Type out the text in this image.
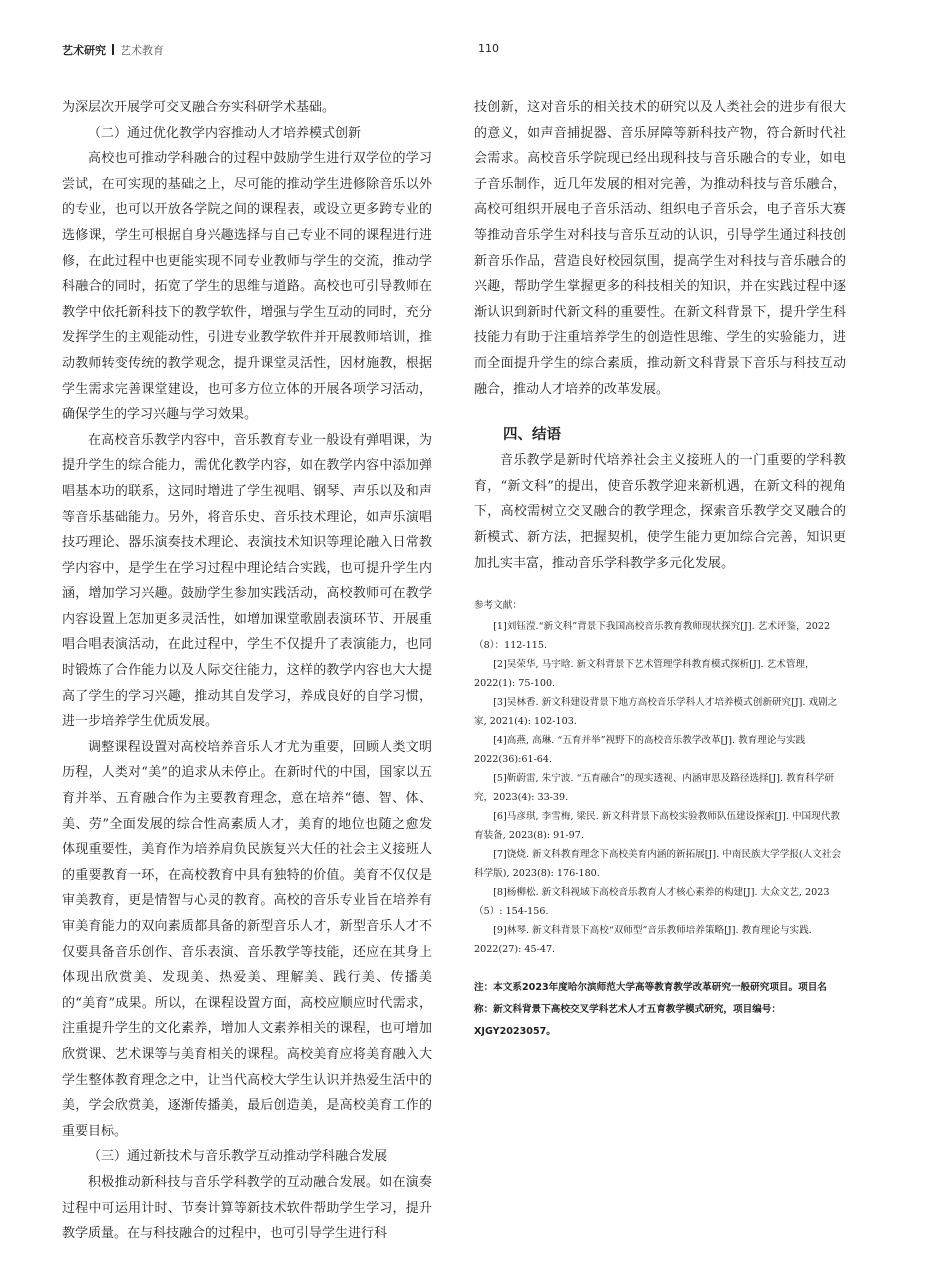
艺术研究 艺术教育	110

为深层次开展学可交叉融合夯实科研学术基础。

（二）通过优化教学内容推动人才培养模式创新

高校也可推动学科融合的过程中鼓励学生进行双学位的学习尝试，在可实现的基础之上，尽可能的推动学生进修除音乐以外的专业，也可以开放各学院之间的课程表，或设立更多跨专业的选修课，学生可根据自身兴趣选择与自己专业不同的课程进行进修，在此过程中也更能实现不同专业教师与学生的交流，推动学科融合的同时，拓宽了学生的思维与道路。高校也可引导教师在教学中依托新科技下的教学软件，增强与学生互动的同时，充分发挥学生的主观能动性，引进专业教学软件并开展教师培训，推动教师转变传统的教学观念，提升课堂灵活性，因材施教，根据学生需求完善课堂建设，也可多方位立体的开展各项学习活动，确保学生的学习兴趣与学习效果。

在高校音乐教学内容中，音乐教育专业一般设有弹唱课，为提升学生的综合能力，需优化教学内容，如在教学内容中添加弹唱基本功的联系，这同时增进了学生视唱、钢琴、声乐以及和声等音乐基础能力。另外，将音乐史、音乐技术理论，如声乐演唱技巧理论、器乐演奏技术理论、表演技术知识等理论融入日常教学内容中，是学生在学习过程中理论结合实践，也可提升学生内涵，增加学习兴趣。鼓励学生参加实践活动，高校教师可在教学内容设置上怎加更多灵活性，如增加课堂歌剧表演环节、开展重唱合唱表演活动，在此过程中，学生不仅提升了表演能力，也同时锻炼了合作能力以及人际交往能力，这样的教学内容也大大提高了学生的学习兴趣，推动其自发学习，养成良好的自学习惯，进一步培养学生优质发展。

调整课程设置对高校培养音乐人才尤为重要，回顾人类文明历程，人类对“美”的追求从未停止。在新时代的中国，国家以五育并举、五育融合作为主要教育理念，意在培养“德、智、体、美、劳”全面发展的综合性高素质人才，美育的地位也随之愈发体现重要性，美育作为培养肩负民族复兴大任的社会主义接班人的重要教育一环，在高校教育中具有独特的价值。美育不仅仅是审美教育，更是情智与心灵的教育。高校的音乐专业旨在培养有审美育能力的双向素质都具备的新型音乐人才，新型音乐人才不仅要具备音乐创作、音乐表演、音乐教学等技能，还应在其身上体现出欣赏美、发现美、热爱美、理解美、践行美、传播美的“美育”成果。所以，在课程设置方面，高校应顺应时代需求，注重提升学生的文化素养，增加人文素养相关的课程，也可增加欣赏课、艺术课等与美育相关的课程。高校美育应将美育融入大学生整体教育理念之中，让当代高校大学生认识并热爱生活中的美，学会欣赏美，逐渐传播美，最后创造美，是高校美育工作的重要目标。

（三）通过新技术与音乐教学互动推动学科融合发展

积极推动新科技与音乐学科教学的互动融合发展。如在演奏过程中可运用计时、节奏计算等新技术软件帮助学生学习，提升教学质量。在与科技融合的过程中，也可引导学生进行科

技创新，这对音乐的相关技术的研究以及人类社会的进步有很大的意义，如声音捕捉器、音乐屏障等新科技产物，符合新时代社会需求。高校音乐学院现已经出现科技与音乐融合的专业，如电子音乐制作，近几年发展的相对完善，为推动科技与音乐融合，高校可组织开展电子音乐活动、组织电子音乐会，电子音乐大赛等推动音乐学生对科技与音乐互动的认识，引导学生通过科技创新音乐作品，营造良好校园氛围，提高学生对科技与音乐融合的兴趣，帮助学生掌握更多的科技相关的知识，并在实践过程中逐渐认识到新时代新文科的重要性。在新文科背景下，提升学生科技能力有助于注重培养学生的创造性思维、学生的实验能力，进而全面提升学生的综合素质，推动新文科背景下音乐与科技互动融合，推动人才培养的改革发展。

四、结语

音乐教学是新时代培养社会主义接班人的一门重要的学科教育，“新文科”的提出，使音乐教学迎来新机遇，在新文科的视角下，高校需树立交叉融合的教学理念，探索音乐教学交叉融合的新模式、新方法，把握契机，使学生能力更加综合完善，知识更加扎实丰富，推动音乐学科教学多元化发展。

参考文献：

[1]刘钰滢.“新文科”背景下我国高校音乐教育教师现状探究[J]. 艺术评鉴，2022（8）：112-115.

[2]吴荣华, 马宇晗. 新文科背景下艺术管理学科教育模式探析[J]. 艺术管理，2022(1): 75-100.

[3]吴林香. 新文科建设背景下地方高校音乐学科人才培养模式创新研究[J]. 戏剧之家, 2021(4): 102-103.

[4]高燕, 高琳. “五育并举”视野下的高校音乐教学改革[J]. 教育理论与实践2022(36):61-64.

[5]靳蔚雷, 朱宁波. “五育融合”的现实透视、内涵审思及路径选择[J]. 教育科学研究，2023(4): 33-39.

[6]马彦琪, 李雪梅, 梁民. 新文科背景下高校实验教师队伍建设探索[J]. 中国现代教育装备, 2023(8): 91-97.

[7]饶烧. 新文科教育理念下高校美育内涵的新拓展[J]. 中南民族大学学报(人文社会科学版), 2023(8): 176-180.

[8]杨柳松. 新文科视域下高校音乐教育人才核心素养的构建[J]. 大众文艺, 2023（5）: 154-156.

[9]林琴. 新文科背景下高校“双师型”音乐教师培养策略[J]. 教育理论与实践. 2022(27): 45-47.

注：本文系2023年度哈尔滨师范大学高等教育教学改革研究一般研究项目。项目名称：新文科背景下高校交叉学科艺术人才五育教学模式研究，项目编号：XJGY2023057。
